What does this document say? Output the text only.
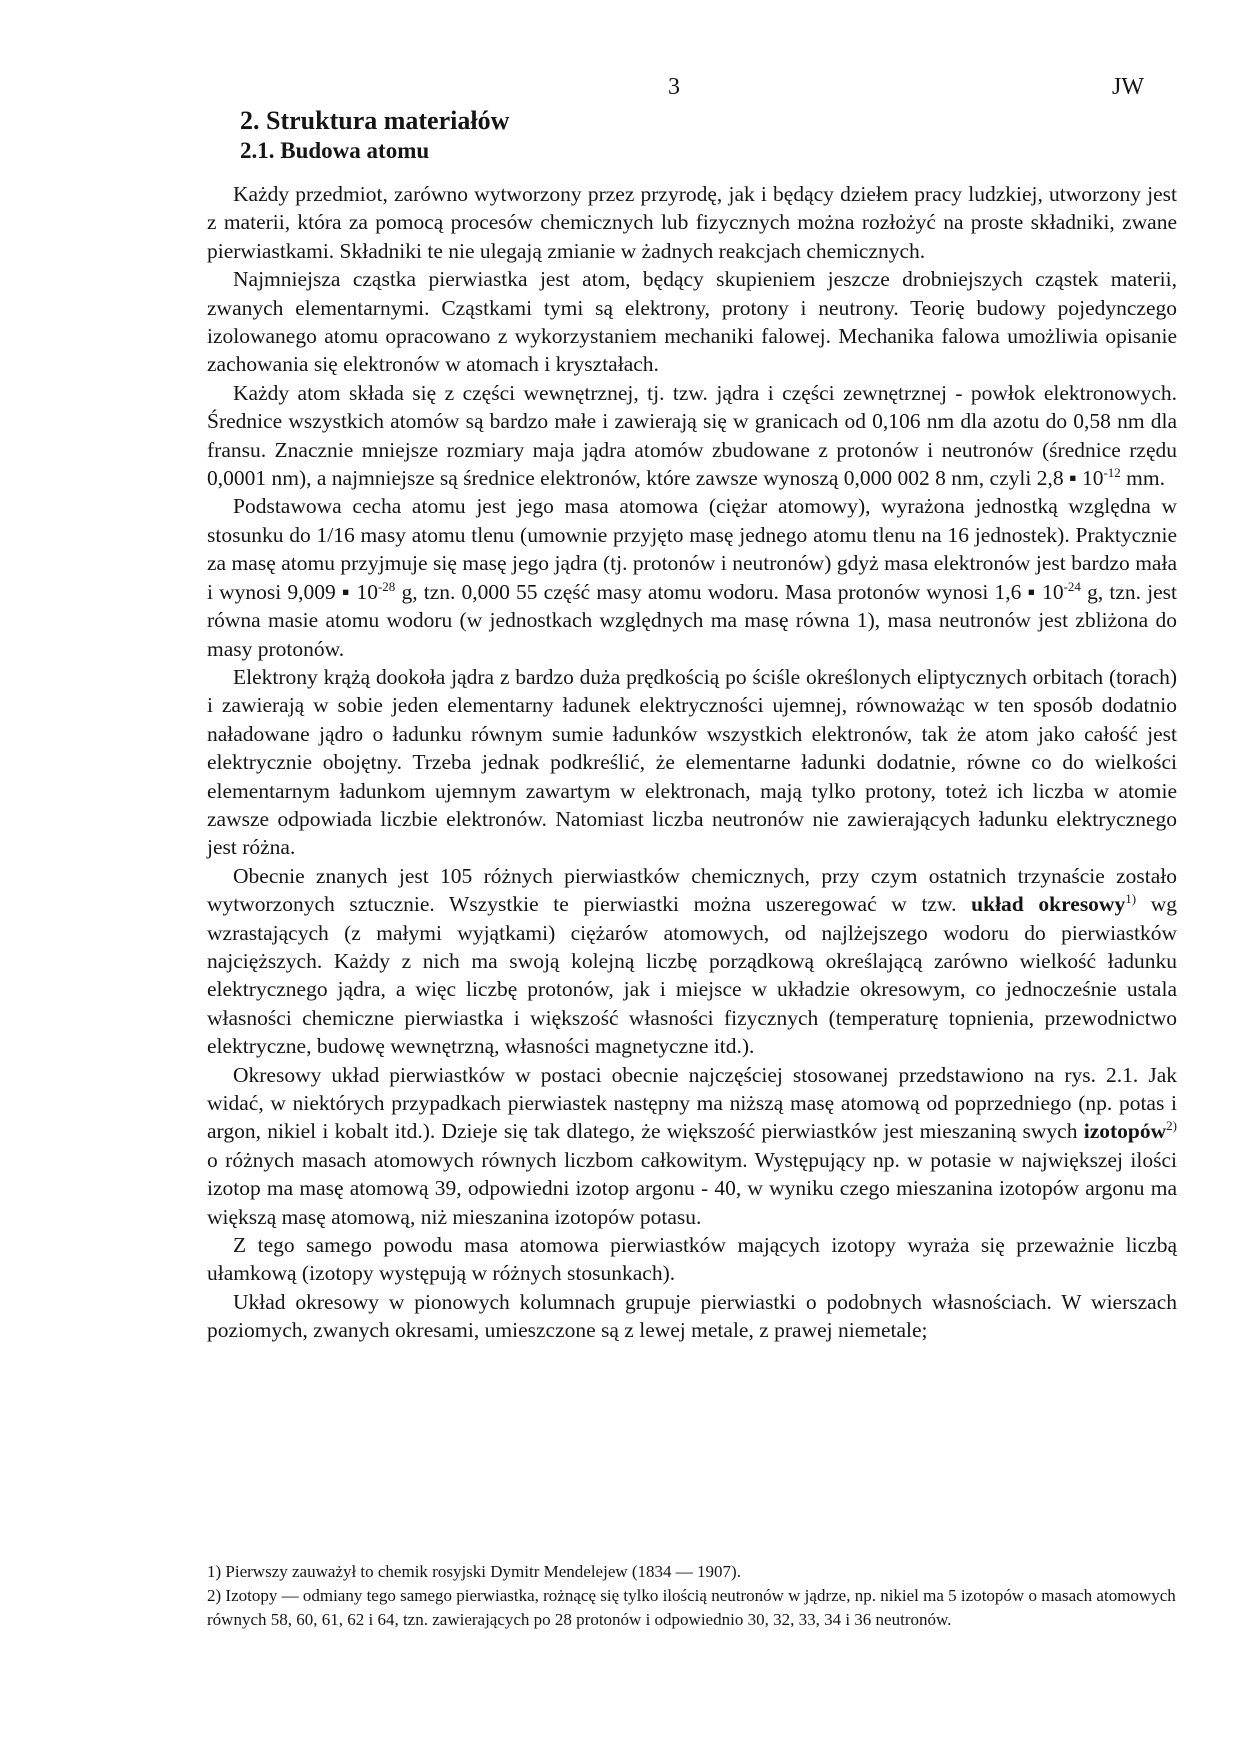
3	JW
2. Struktura materiałów
2.1. Budowa atomu

Każdy przedmiot, zarówno wytworzony przez przyrodę, jak i będący dziełem pracy ludzkiej, utworzony jest z materii, która za pomocą procesów chemicznych lub fizycznych można rozłożyć na proste składniki, zwane pierwiastkami. Składniki te nie ulegają zmianie w żadnych reakcjach chemicznych.

Najmniejsza cząstka pierwiastka jest atom, będący skupieniem jeszcze drobniejszych cząstek materii, zwanych elementarnymi. Cząstkami tymi są elektrony, protony i neutrony. Teorię budowy pojedynczego izolowanego atomu opracowano z wykorzystaniem mechaniki falowej. Mechanika falowa umożliwia opisanie zachowania się elektronów w atomach i kryształach.

Każdy atom składa się z części wewnętrznej, tj. tzw. jądra i części zewnętrznej - powłok elektronowych. Średnice wszystkich atomów są bardzo małe i zawierają się w granicach od 0,106 nm dla azotu do 0,58 nm dla fransu. Znacznie mniejsze rozmiary maja jądra atomów zbudowane z protonów i neutronów (średnice rzędu 0,0001 nm), a najmniejsze są średnice elektronów, które zawsze wynoszą 0,000 002 8 nm, czyli 2,8 ▪ $10^{-12}$ mm.

Podstawowa cecha atomu jest jego masa atomowa (ciężar atomowy), wyrażona jednostką względna w stosunku do 1/16 masy atomu tlenu (umownie przyjęto masę jednego atomu tlenu na 16 jednostek). Praktycznie za masę atomu przyjmuje się masę jego jądra (tj. protonów i neutronów) gdyż masa elektronów jest bardzo mała i wynosi 9,009 ▪ $10^{-28}$ g, tzn. 0,000 55 część masy atomu wodoru. Masa protonów wynosi 1,6 ▪ $10^{-24}$ g, tzn. jest równa masie atomu wodoru (w jednostkach względnych ma masę równa 1), masa neutronów jest zbliżona do masy protonów.

Elektrony krążą dookoła jądra z bardzo duża prędkością po ściśle określonych eliptycznych orbitach (torach) i zawierają w sobie jeden elementarny ładunek elektryczności ujemnej, równoważąc w ten sposób dodatnio naładowane jądro o ładunku równym sumie ładunków wszystkich elektronów, tak że atom jako całość jest elektrycznie obojętny. Trzeba jednak podkreślić, że elementarne ładunki dodatnie, równe co do wielkości elementarnym ładunkom ujemnym zawartym w elektronach, mają tylko protony, toteż ich liczba w atomie zawsze odpowiada liczbie elektronów. Natomiast liczba neutronów nie zawierających ładunku elektrycznego jest różna.

Obecnie znanych jest 105 różnych pierwiastków chemicznych, przy czym ostatnich trzynaście zostało wytworzonych sztucznie. Wszystkie te pierwiastki można uszeregować w tzw. układ okresowy$^{1)}$ wg wzrastających (z małymi wyjątkami) ciężarów atomowych, od najlżejszego wodoru do pierwiastków najcięższych. Każdy z nich ma swoją kolejną liczbę porządkową określającą zarówno wielkość ładunku elektrycznego jądra, a więc liczbę protonów, jak i miejsce w układzie okresowym, co jednocześnie ustala własności chemiczne pierwiastka i większość własności fizycznych (temperaturę topnienia, przewodnictwo elektryczne, budowę wewnętrzną, własności magnetyczne itd.).

Okresowy układ pierwiastków w postaci obecnie najczęściej stosowanej przedstawiono na rys. 2.1. Jak widać, w niektórych przypadkach pierwiastek następny ma niższą masę atomową od poprzedniego (np. potas i argon, nikiel i kobalt itd.). Dzieje się tak dlatego, że większość pierwiastków jest mieszaniną swych izotopów$^{2)}$ o różnych masach atomowych równych liczbom całkowitym. Występujący np. w potasie w największej ilości izotop ma masę atomową 39, odpowiedni izotop argonu - 40, w wyniku czego mieszanina izotopów argonu ma większą masę atomową, niż mieszanina izotopów potasu.

Z tego samego powodu masa atomowa pierwiastków mających izotopy wyraża się przeważnie liczbą ułamkową (izotopy występują w różnych stosunkach).

Układ okresowy w pionowych kolumnach grupuje pierwiastki o podobnych własnościach. W wierszach poziomych, zwanych okresami, umieszczone są z lewej metale, z prawej niemetale;

1) Pierwszy zauważył to chemik rosyjski Dymitr Mendelejew (1834 — 1907).

2) Izotopy — odmiany tego samego pierwiastka, rożnącę się tylko ilością neutronów w jądrze, np. nikiel ma 5 izotopów o masach atomowych równych 58, 60, 61, 62 i 64, tzn. zawierających po 28 protonów i odpowiednio 30, 32, 33, 34 i 36 neutronów.
